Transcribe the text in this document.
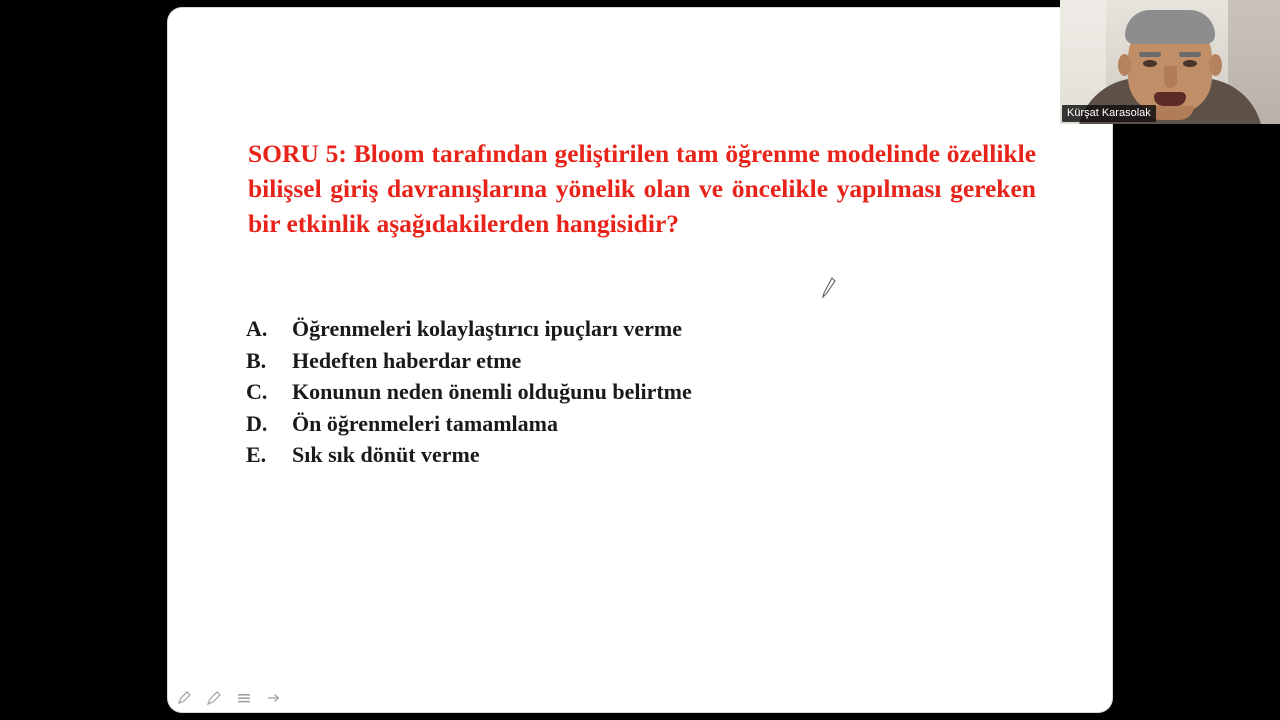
SORU 5: Bloom tarafından geliştirilen tam öğrenme modelinde özellikle bilişsel giriş davranışlarına yönelik olan ve öncelikle yapılması gereken bir etkinlik aşağıdakilerden hangisidir?
A.	Öğrenmeleri kolaylaştırıcı ipuçları verme
B.	Hedeften haberdar etme
C.	Konunun neden önemli olduğunu belirtme
D.	Ön öğrenmeleri tamamlama
E.	Sık sık dönüt verme
Kürşat Karasolak
